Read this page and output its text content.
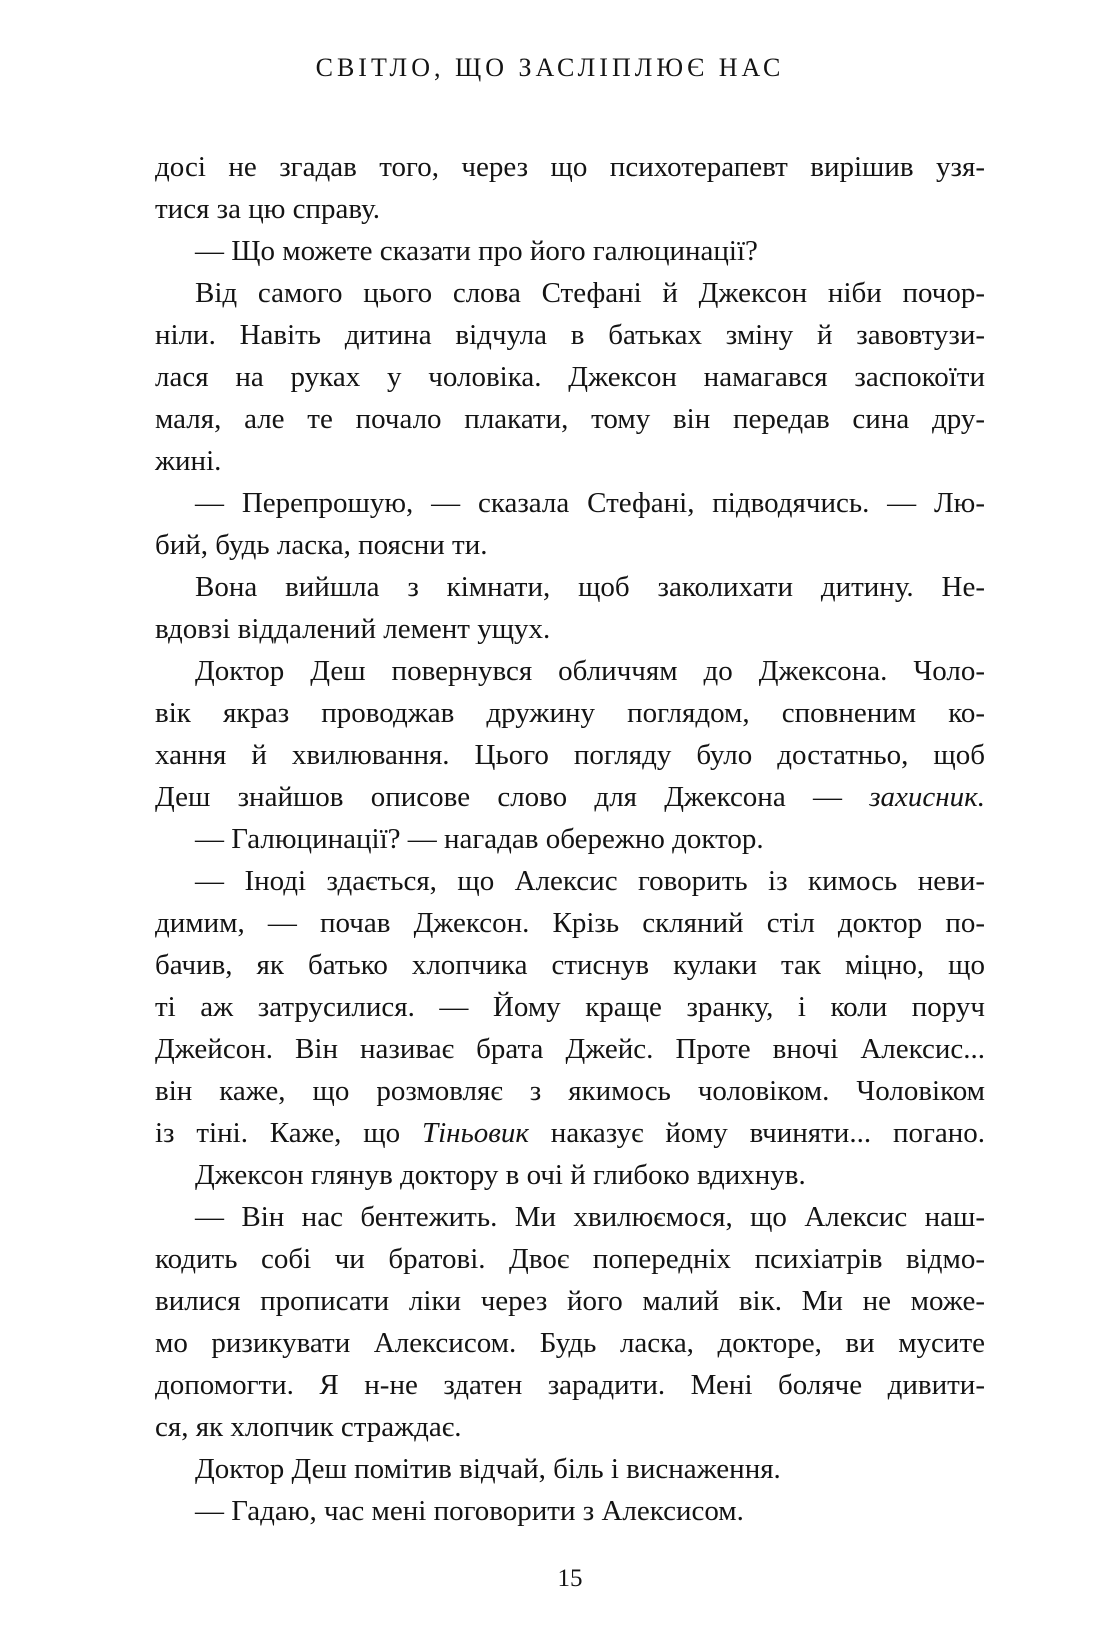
СВІТЛО, ЩО ЗАСЛІПЛЮЄ НАС
досі не згадав того, через що психотерапевт вирішив узя-
тися за цю справу.
— Що можете сказати про його галюцинації?
Від самого цього слова Стефані й Джексон ніби почор-
ніли. Навіть дитина відчула в батьках зміну й завовтузи-
лася на руках у чоловіка. Джексон намагався заспокоїти
маля, але те почало плакати, тому він передав сина дру-
жині.
— Перепрошую, — сказала Стефані, підводячись. — Лю-
бий, будь ласка, поясни ти.
Вона вийшла з кімнати, щоб заколихати дитину. Не-
вдовзі віддалений лемент ущух.
Доктор Деш повернувся обличчям до Джексона. Чоло-
вік якраз проводжав дружину поглядом, сповненим ко-
хання й хвилювання. Цього погляду було достатньо, щоб
Деш знайшов описове слово для Джексона — захисник.
— Галюцинації? — нагадав обережно доктор.
— Іноді здається, що Алексис говорить із кимось неви-
димим, — почав Джексон. Крізь скляний стіл доктор по-
бачив, як батько хлопчика стиснув кулаки так міцно, що
ті аж затрусилися. — Йому краще зранку, і коли поруч
Джейсон. Він називає брата Джейс. Проте вночі Алексис...
він каже, що розмовляє з якимось чоловіком. Чоловіком
із тіні. Каже, що Тіньовик наказує йому вчиняти... погано.
Джексон глянув доктору в очі й глибоко вдихнув.
— Він нас бентежить. Ми хвилюємося, що Алексис наш-
кодить собі чи братові. Двоє попередніх психіатрів відмо-
вилися прописати ліки через його малий вік. Ми не може-
мо ризикувати Алексисом. Будь ласка, докторе, ви мусите
допомогти. Я н-не здатен зарадити. Мені боляче дивити-
ся, як хлопчик страждає.
Доктор Деш помітив відчай, біль і виснаження.
— Гадаю, час мені поговорити з Алексисом.
15
